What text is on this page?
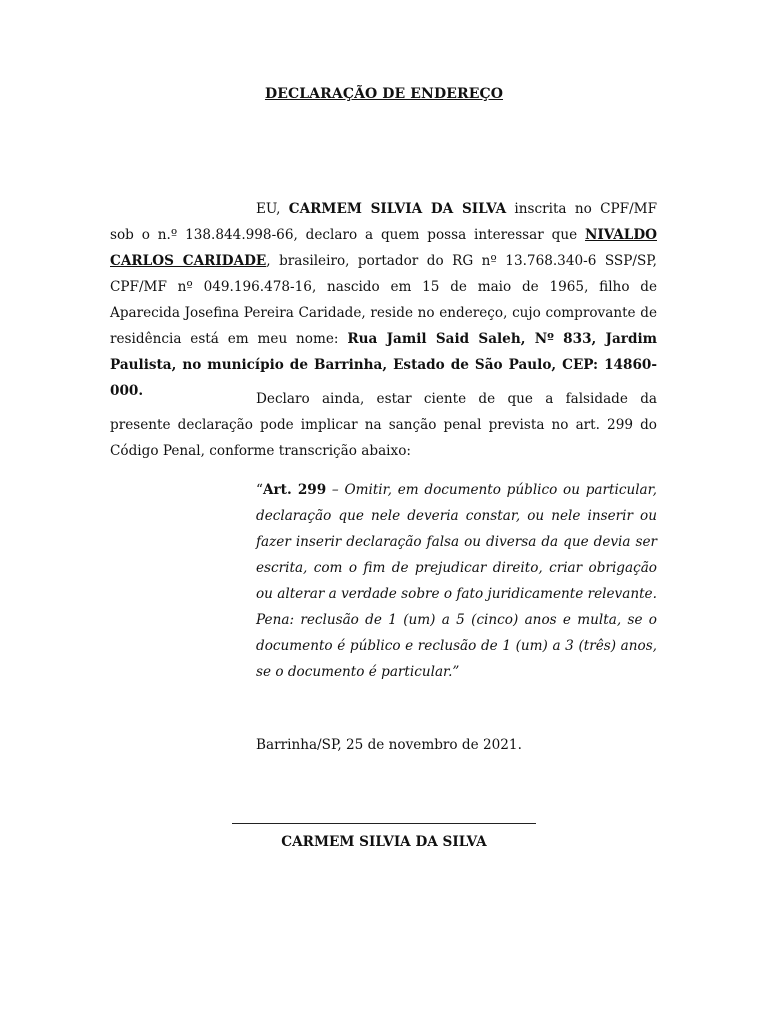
DECLARAÇÃO DE ENDEREÇO

EU, CARMEM SILVIA DA SILVA inscrita no CPF/MF sob o n.º 138.844.998-66, declaro a quem possa interessar que NIVALDO CARLOS CARIDADE, brasileiro, portador do RG nº 13.768.340-6 SSP/SP, CPF/MF nº 049.196.478-16, nascido em 15 de maio de 1965, filho de Aparecida Josefina Pereira Caridade, reside no endereço, cujo comprovante de residência está em meu nome: Rua Jamil Said Saleh, Nº 833, Jardim Paulista, no município de Barrinha, Estado de São Paulo, CEP: 14860-000.	Declaro ainda, estar ciente de que a falsidade da presente declaração pode implicar na sanção penal prevista no art. 299 do Código Penal, conforme transcrição abaixo:

“Art. 299 – Omitir, em documento público ou particular, declaração que nele deveria constar, ou nele inserir ou fazer inserir declaração falsa ou diversa da que devia ser escrita, com o fim de prejudicar direito, criar obrigação ou alterar a verdade sobre o fato juridicamente relevante.

Pena: reclusão de 1 (um) a 5 (cinco) anos e multa, se o documento é público e reclusão de 1 (um) a 3 (três) anos, se o documento é particular.”

Barrinha/SP, 25 de novembro de 2021.
CARMEM SILVIA DA SILVA
